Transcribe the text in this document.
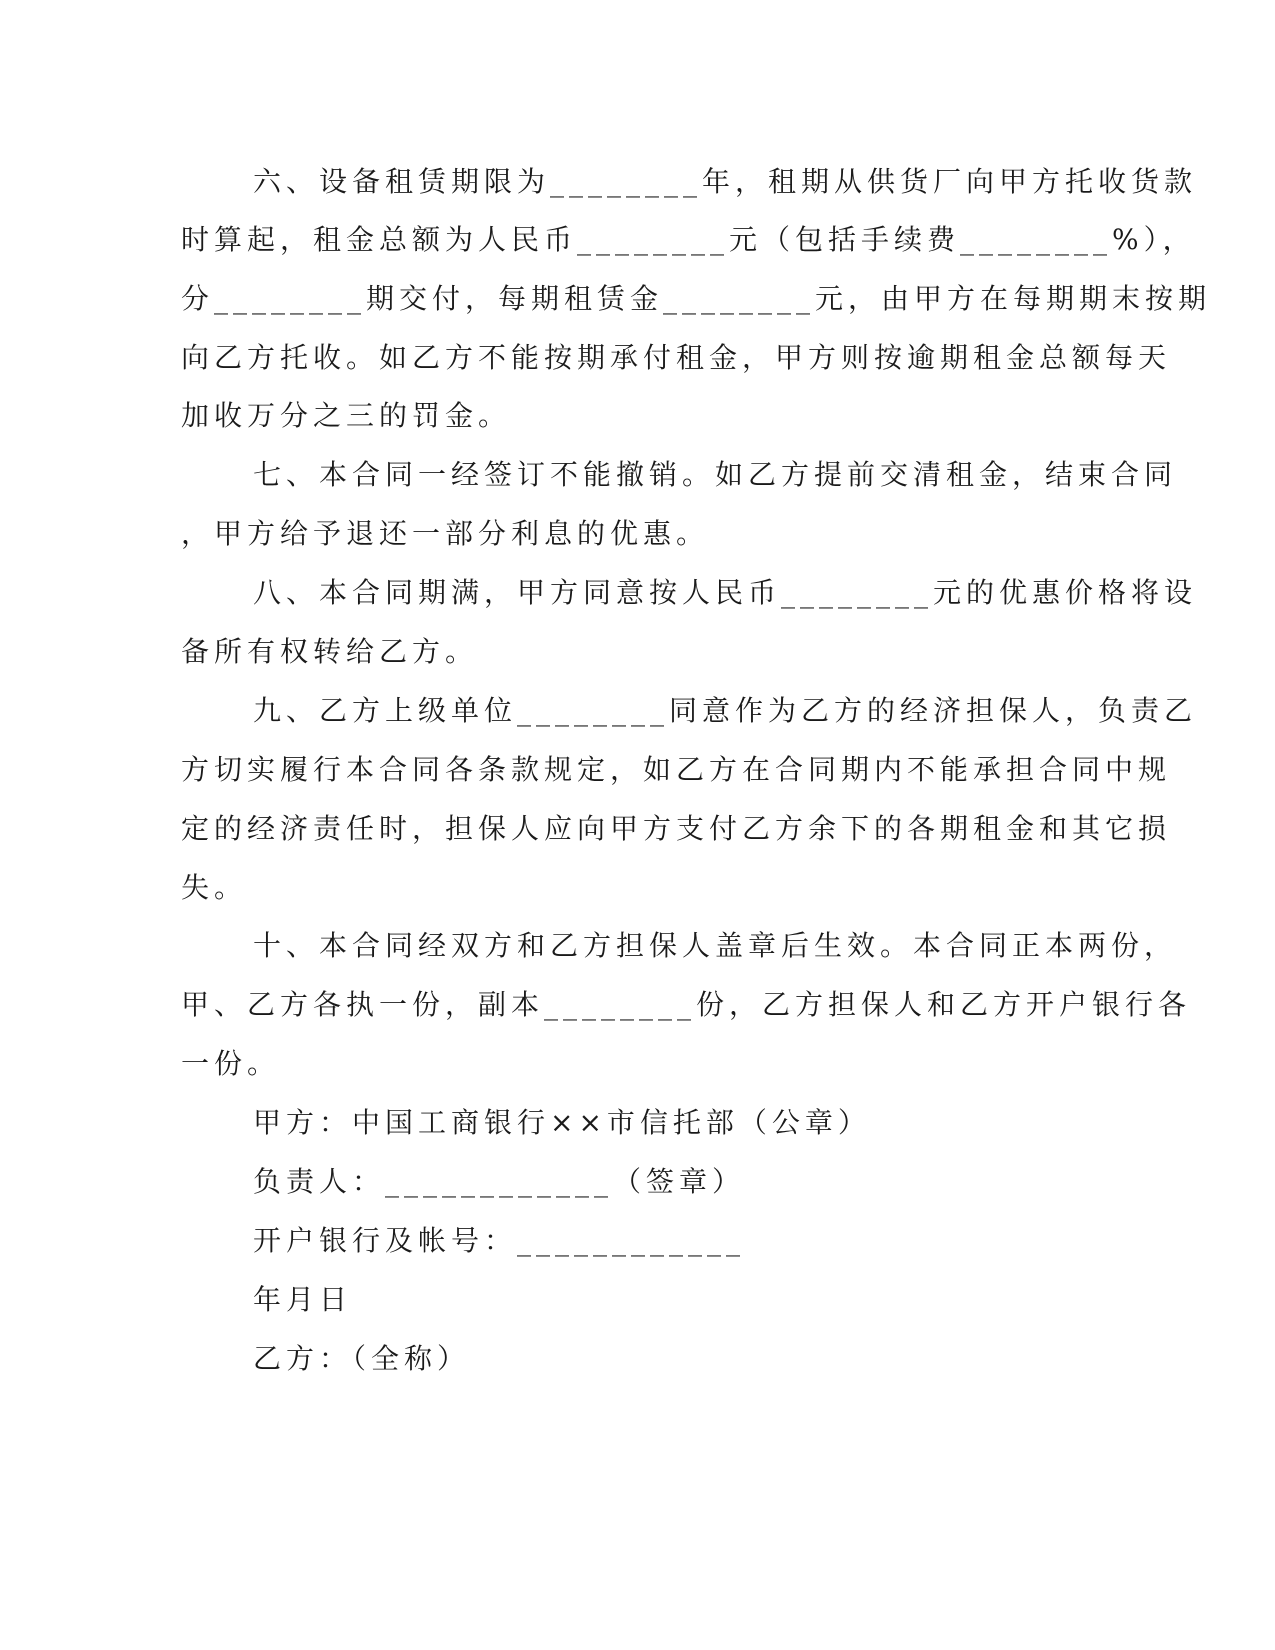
六、设备租赁期限为________年，租期从供货厂向甲方托收货款
时算起，租金总额为人民币________元（包括手续费________%），
分________期交付，每期租赁金________元，由甲方在每期期末按期
向乙方托收。如乙方不能按期承付租金，甲方则按逾期租金总额每天
加收万分之三的罚金。
七、本合同一经签订不能撤销。如乙方提前交清租金，结束合同
，甲方给予退还一部分利息的优惠。
八、本合同期满，甲方同意按人民币________元的优惠价格将设
备所有权转给乙方。
九、乙方上级单位________同意作为乙方的经济担保人，负责乙
方切实履行本合同各条款规定，如乙方在合同期内不能承担合同中规
定的经济责任时，担保人应向甲方支付乙方余下的各期租金和其它损
失。
十、本合同经双方和乙方担保人盖章后生效。本合同正本两份，
甲、乙方各执一份，副本________份，乙方担保人和乙方开户银行各
一份。
甲方：中国工商银行××市信托部（公章）
负责人：____________（签章）
开户银行及帐号：____________
年月日
乙方：（全称）
